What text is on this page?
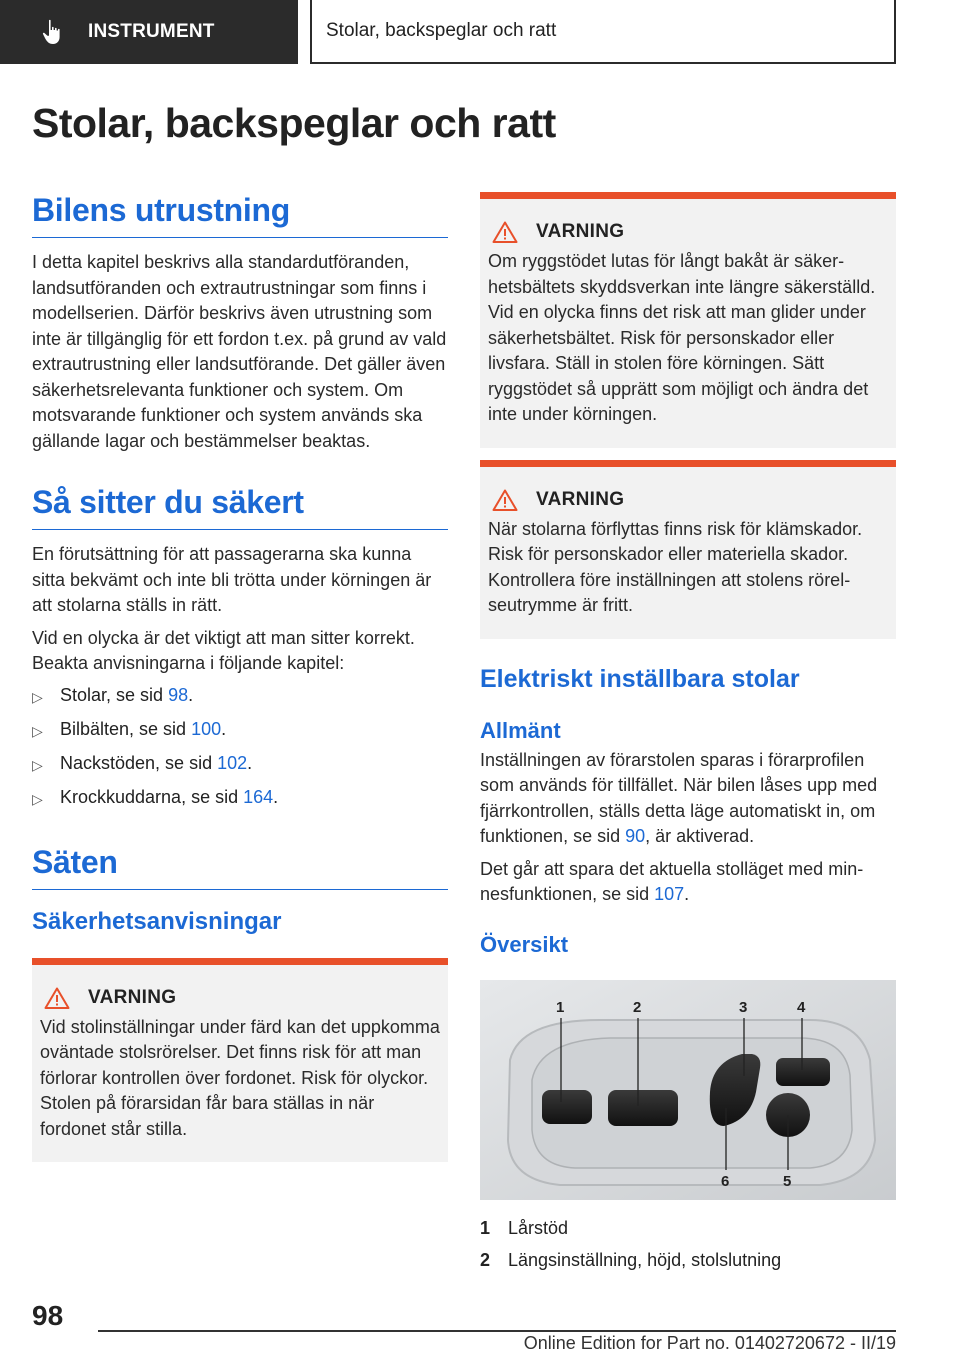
INSTRUMENT	Stolar, backspeglar och ratt
Stolar, backspeglar och ratt
Bilens utrustning

I detta kapitel beskrivs alla standardutföranden, landsutföranden och extrautrustningar som finns i modellserien. Därför beskrivs även utrustning som inte är tillgänglig för ett fordon t.ex. på grund av vald extrautrustning eller landsutförande. Det gäller även säkerhetsrelevanta funktioner och system. Om motsvarande funktioner och system används ska gällande lagar och bestämmelser beaktas.

Så sitter du säkert

En förutsättning för att passagerarna ska kunna sitta bekvämt och inte bli trötta under körningen är att stolarna ställs in rätt.

Vid en olycka är det viktigt att man sitter korrekt. Beakta anvisningarna i följande kapitel:

▷ Stolar, se sid 98.
▷ Bilbälten, se sid 100.
▷ Nackstöden, se sid 102.
▷ Krockkuddarna, se sid 164.
Säten
Säkerhetsanvisningar
VARNING

Vid stolinställningar under färd kan det uppkomma oväntade stolsrörelser. Det finns risk för att man förlorar kontrollen över fordonet. Risk för olyckor. Stolen på förarsidan får bara ställas in när fordonet står stilla.

VARNING

Om ryggstödet lutas för långt bakåt är säkerhetsbältets skyddsverkan inte längre säkerställd. Vid en olycka finns det risk att man glider under säkerhetsbältet. Risk för personskador eller livsfara. Ställ in stolen före körningen. Sätt ryggstödet så upprätt som möjligt och ändra det inte under körningen.

VARNING

När stolarna förflyttas finns risk för klämskador. Risk för personskador eller materiella skador. Kontrollera före inställningen att stolens rörelseutrymme är fritt.

Elektriskt inställbara stolar
Allmänt

Inställningen av förarstolen sparas i förarprofilen som används för tillfället. När bilen låses upp med fjärrkontrollen, ställs detta läge automatiskt in, om funktionen, se sid 90, är aktiverad.

Det går att spara det aktuella stolläget med minnesfunktionen, se sid 107.

Översikt
1	2	3	4
5
6
1 Lårstöd
2 Längsinställning, höjd, stolslutning
98
Online Edition for Part no. 01402720672 - II/19
